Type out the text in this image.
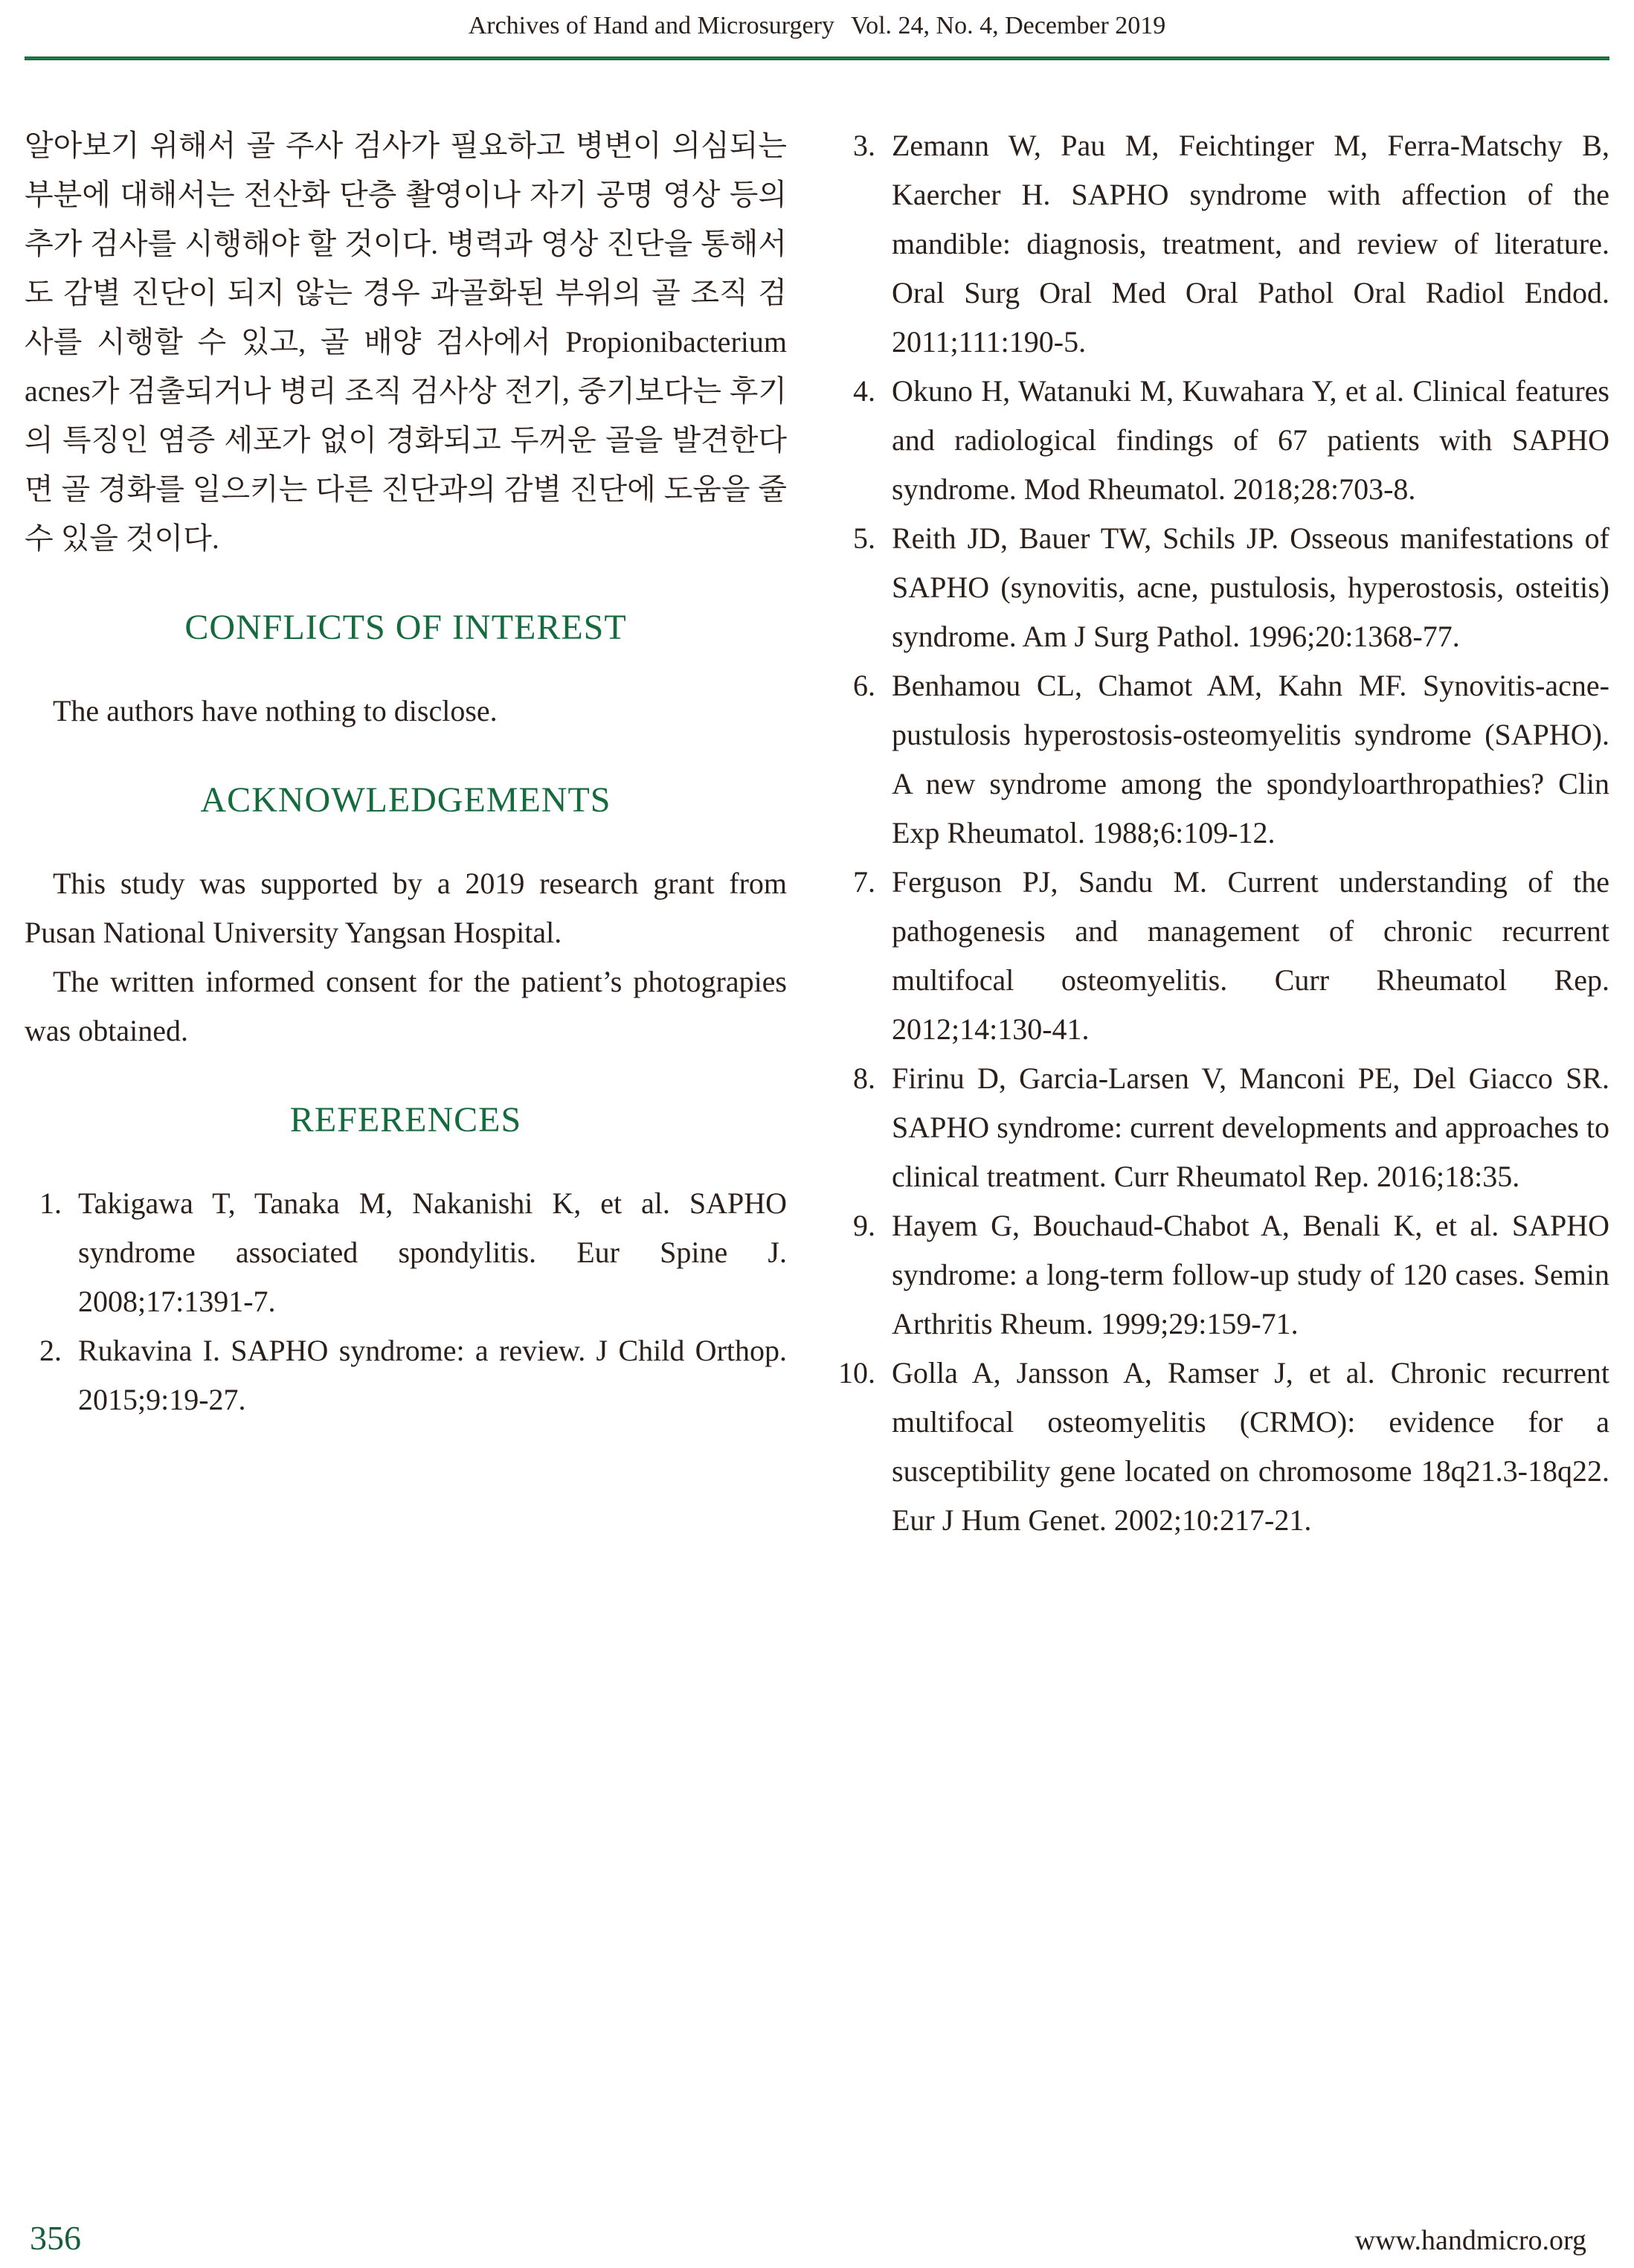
Archives of Hand and Microsurgery Vol. 24, No. 4, December 2019

알아보기 위해서 골 주사 검사가 필요하고 병변이 의심되는 부분에 대해서는 전산화 단층 촬영이나 자기 공명 영상 등의 추가 검사를 시행해야 할 것이다. 병력과 영상 진단을 통해서도 감별 진단이 되지 않는 경우 과골화된 부위의 골 조직 검사를 시행할 수 있고, 골 배양 검사에서 Propionibacterium acnes가 검출되거나 병리 조직 검사상 전기, 중기보다는 후기의 특징인 염증 세포가 없이 경화되고 두꺼운 골을 발견한다면 골 경화를 일으키는 다른 진단과의 감별 진단에 도움을 줄 수 있을 것이다.

CONFLICTS OF INTEREST

The authors have nothing to disclose.

ACKNOWLEDGEMENTS

This study was supported by a 2019 research grant from Pusan National University Yangsan Hospital.

The written informed consent for the patient’s photograpies was obtained.

REFERENCES
1. Takigawa T, Tanaka M, Nakanishi K, et al. SAPHO syndrome associated spondylitis. Eur Spine J. 2008;17:1391-7.
2. Rukavina I. SAPHO syndrome: a review. J Child Orthop. 2015;9:19-27.
3. Zemann W, Pau M, Feichtinger M, Ferra-Matschy B, Kaercher H. SAPHO syndrome with affection of the mandible: diagnosis, treatment, and review of literature. Oral Surg Oral Med Oral Pathol Oral Radiol Endod. 2011;111:190-5.
4. Okuno H, Watanuki M, Kuwahara Y, et al. Clinical features and radiological findings of 67 patients with SAPHO syndrome. Mod Rheumatol. 2018;28:703-8.
5. Reith JD, Bauer TW, Schils JP. Osseous manifestations of SAPHO (synovitis, acne, pustulosis, hyperostosis, osteitis) syndrome. Am J Surg Pathol. 1996;20:1368-77.
6. Benhamou CL, Chamot AM, Kahn MF. Synovitis-acne-pustulosis hyperostosis-osteomyelitis syndrome (SAPHO). A new syndrome among the spondyloarthropathies? Clin Exp Rheumatol. 1988;6:109-12.
7. Ferguson PJ, Sandu M. Current understanding of the pathogenesis and management of chronic recurrent multifocal osteomyelitis. Curr Rheumatol Rep. 2012;14:130-41.
8. Firinu D, Garcia-Larsen V, Manconi PE, Del Giacco SR. SAPHO syndrome: current developments and approaches to clinical treatment. Curr Rheumatol Rep. 2016;18:35.
9. Hayem G, Bouchaud-Chabot A, Benali K, et al. SAPHO syndrome: a long-term follow-up study of 120 cases. Semin Arthritis Rheum. 1999;29:159-71.
10. Golla A, Jansson A, Ramser J, et al. Chronic recurrent multifocal osteomyelitis (CRMO): evidence for a susceptibility gene located on chromosome 18q21.3-18q22. Eur J Hum Genet. 2002;10:217-21.
356	www.handmicro.org
